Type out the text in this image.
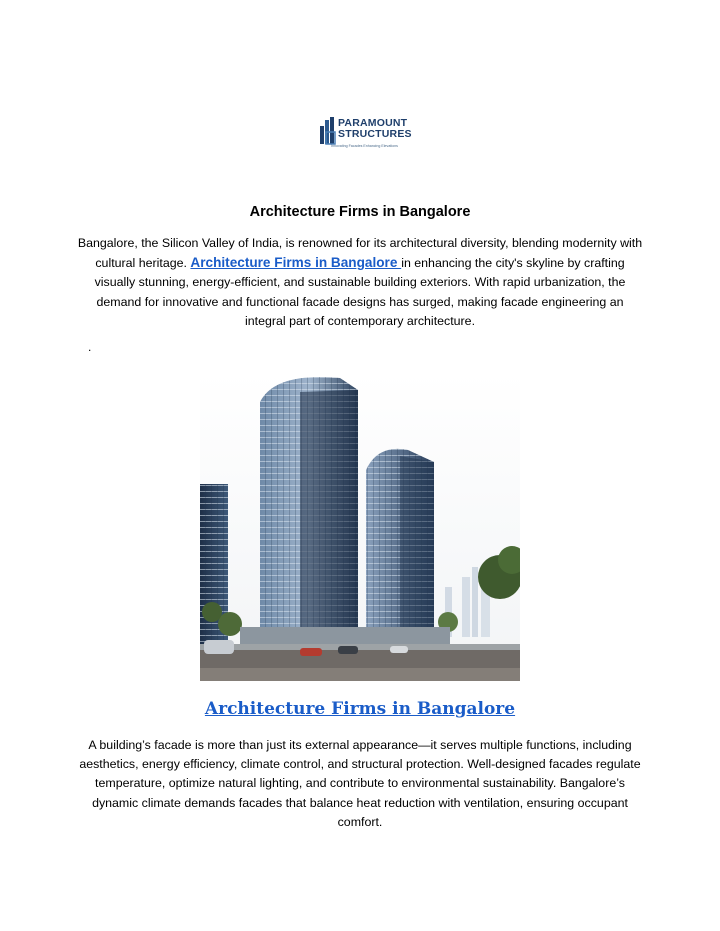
PARAMOUNT
STRUCTURES
Innovating Facades Enhancing Elevations
Architecture Firms in Bangalore
Bangalore, the Silicon Valley of India, is renowned for its architectural diversity, blending modernity with cultural heritage. Architecture Firms in Bangalore in enhancing the city's skyline by crafting visually stunning, energy-efficient, and sustainable building exteriors. With rapid urbanization, the demand for innovative and functional facade designs has surged, making facade engineering an integral part of contemporary architecture.
.
Architecture Firms in Bangalore
A building’s facade is more than just its external appearance—it serves multiple functions, including aesthetics, energy efficiency, climate control, and structural protection. Well-designed facades regulate temperature, optimize natural lighting, and contribute to environmental sustainability. Bangalore’s dynamic climate demands facades that balance heat reduction with ventilation, ensuring occupant comfort.
